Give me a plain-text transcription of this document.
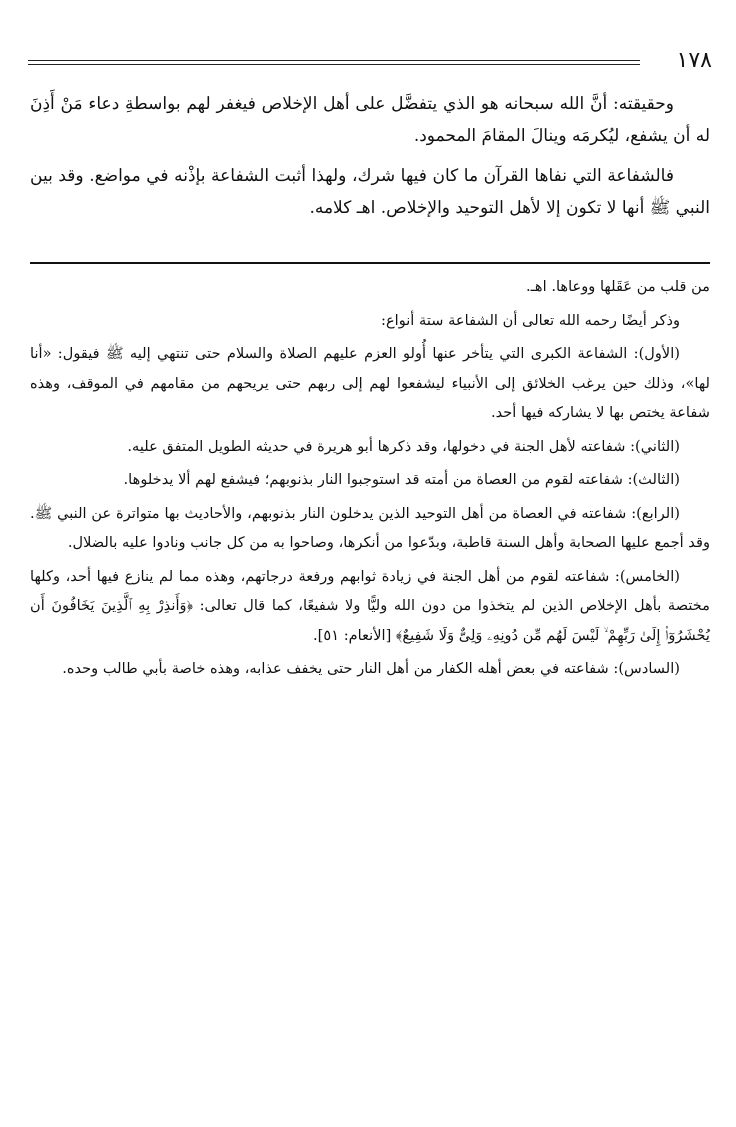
١٧٨

وحقيقته: أنَّ الله سبحانه هو الذي يتفضَّل على أهل الإخلاص فيغفر لهم بواسطةِ دعاء مَنْ أَذِنَ له أن يشفع، ليُكرمَه وينالَ المقامَ المحمود.

فالشفاعة التي نفاها القرآن ما كان فيها شرك، ولهذا أثبت الشفاعة بإذْنه في مواضع. وقد بين النبي ﷺ أنها لا تكون إلا لأهل التوحيد والإخلاص. اهـ كلامه.

من قلب من عَقَلها ووعاها. اهـ.

وذكر أيضًا رحمه الله تعالى أن الشفاعة ستة أنواع:

(الأول): الشفاعة الكبرى التي يتأخر عنها أُولو العزم عليهم الصلاة والسلام حتى تنتهي إليه ﷺ فيقول: «أنا لها»، وذلك حين يرغب الخلائق إلى الأنبياء ليشفعوا لهم إلى ربهم حتى يريحهم من مقامهم في الموقف، وهذه شفاعة يختص بها لا يشاركه فيها أحد.

(الثاني): شفاعته لأهل الجنة في دخولها، وقد ذكرها أبو هريرة في حديثه الطويل المتفق عليه.

(الثالث): شفاعته لقوم من العصاة من أمته قد استوجبوا النار بذنوبهم؛ فيشفع لهم ألا يدخلوها.

(الرابع): شفاعته في العصاة من أهل التوحيد الذين يدخلون النار بذنوبهم، والأحاديث بها متواترة عن النبي ﷺ. وقد أجمع عليها الصحابة وأهل السنة قاطبة، وبدّعوا من أنكرها، وصاحوا به من كل جانب ونادوا عليه بالضلال.

(الخامس): شفاعته لقوم من أهل الجنة في زيادة ثوابهم ورفعة درجاتهم، وهذه مما لم ينازع فيها أحد، وكلها مختصة بأهل الإخلاص الذين لم يتخذوا من دون الله وليًّا ولا شفيعًا، كما قال تعالى: ﴿وَأَنذِرْ بِهِ ٱلَّذِينَ يَخَافُونَ أَن يُحْشَرُوٓا۟ إِلَىٰ رَبِّهِمْ ۙ لَيْسَ لَهُم مِّن دُونِهِۦ وَلِىٌّ وَلَا شَفِيعٌ﴾ [الأنعام: ٥١].

(السادس): شفاعته في بعض أهله الكفار من أهل النار حتى يخفف عذابه، وهذه خاصة بأبي طالب وحده.
